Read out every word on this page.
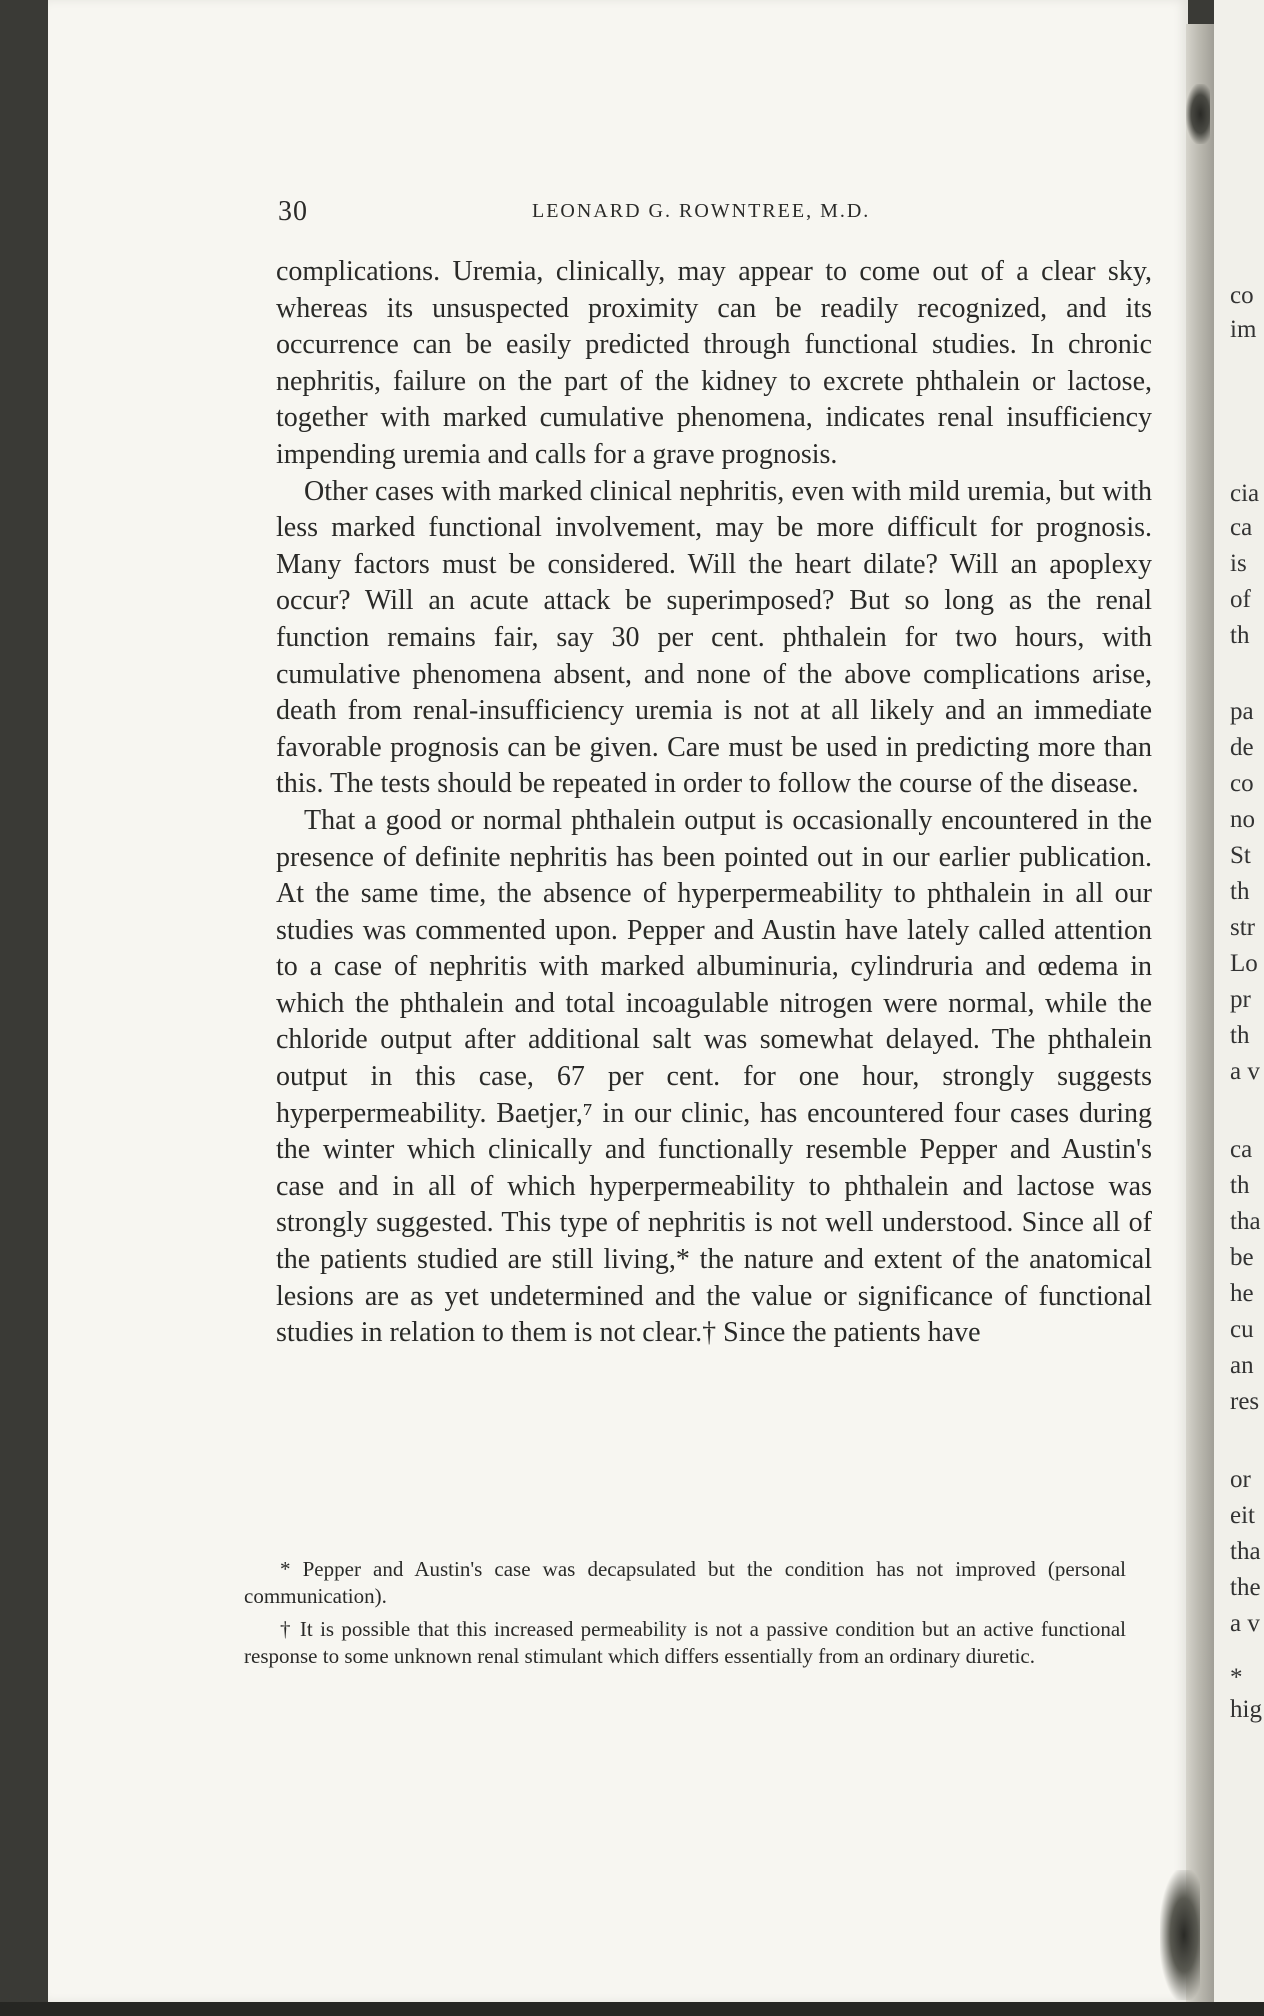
co
im
cia
ca
is
of
th
pa
de
co
no
St
th
str
Lo
pr
th
a v
ca
th
tha
be
he
cu
an
res
or
eit
tha
the
a v
*
hig
30	LEONARD G. ROWNTREE, M.D.

complications. Uremia, clinically, may appear to come out of a clear sky, whereas its unsuspected proximity can be readily recognized, and its occurrence can be easily predicted through functional studies. In chronic nephritis, failure on the part of the kidney to excrete phthalein or lactose, together with marked cumulative phenomena, indicates renal insufficiency impending uremia and calls for a grave prognosis.

Other cases with marked clinical nephritis, even with mild uremia, but with less marked functional involvement, may be more difficult for prognosis. Many factors must be considered. Will the heart dilate? Will an apoplexy occur? Will an acute attack be superimposed? But so long as the renal function remains fair, say 30 per cent. phthalein for two hours, with cumulative phenomena absent, and none of the above complications arise, death from renal-insufficiency uremia is not at all likely and an immediate favorable prognosis can be given. Care must be used in predicting more than this. The tests should be repeated in order to follow the course of the disease.

That a good or normal phthalein output is occasionally encountered in the presence of definite nephritis has been pointed out in our earlier publication. At the same time, the absence of hyperpermeability to phthalein in all our studies was commented upon. Pepper and Austin have lately called attention to a case of nephritis with marked albuminuria, cylindruria and œdema in which the phthalein and total incoagulable nitrogen were normal, while the chloride output after additional salt was somewhat delayed. The phthalein output in this case, 67 per cent. for one hour, strongly suggests hyperpermeability. Baetjer,⁷ in our clinic, has encountered four cases during the winter which clinically and functionally resemble Pepper and Austin's case and in all of which hyperpermeability to phthalein and lactose was strongly suggested. This type of nephritis is not well understood. Since all of the patients studied are still living,* the nature and extent of the anatomical lesions are as yet undetermined and the value or significance of functional studies in relation to them is not clear.† Since the patients have

* Pepper and Austin's case was decapsulated but the condition has not improved (personal communication).

† It is possible that this increased permeability is not a passive condition but an active functional response to some unknown renal stimulant which differs essentially from an ordinary diuretic.
